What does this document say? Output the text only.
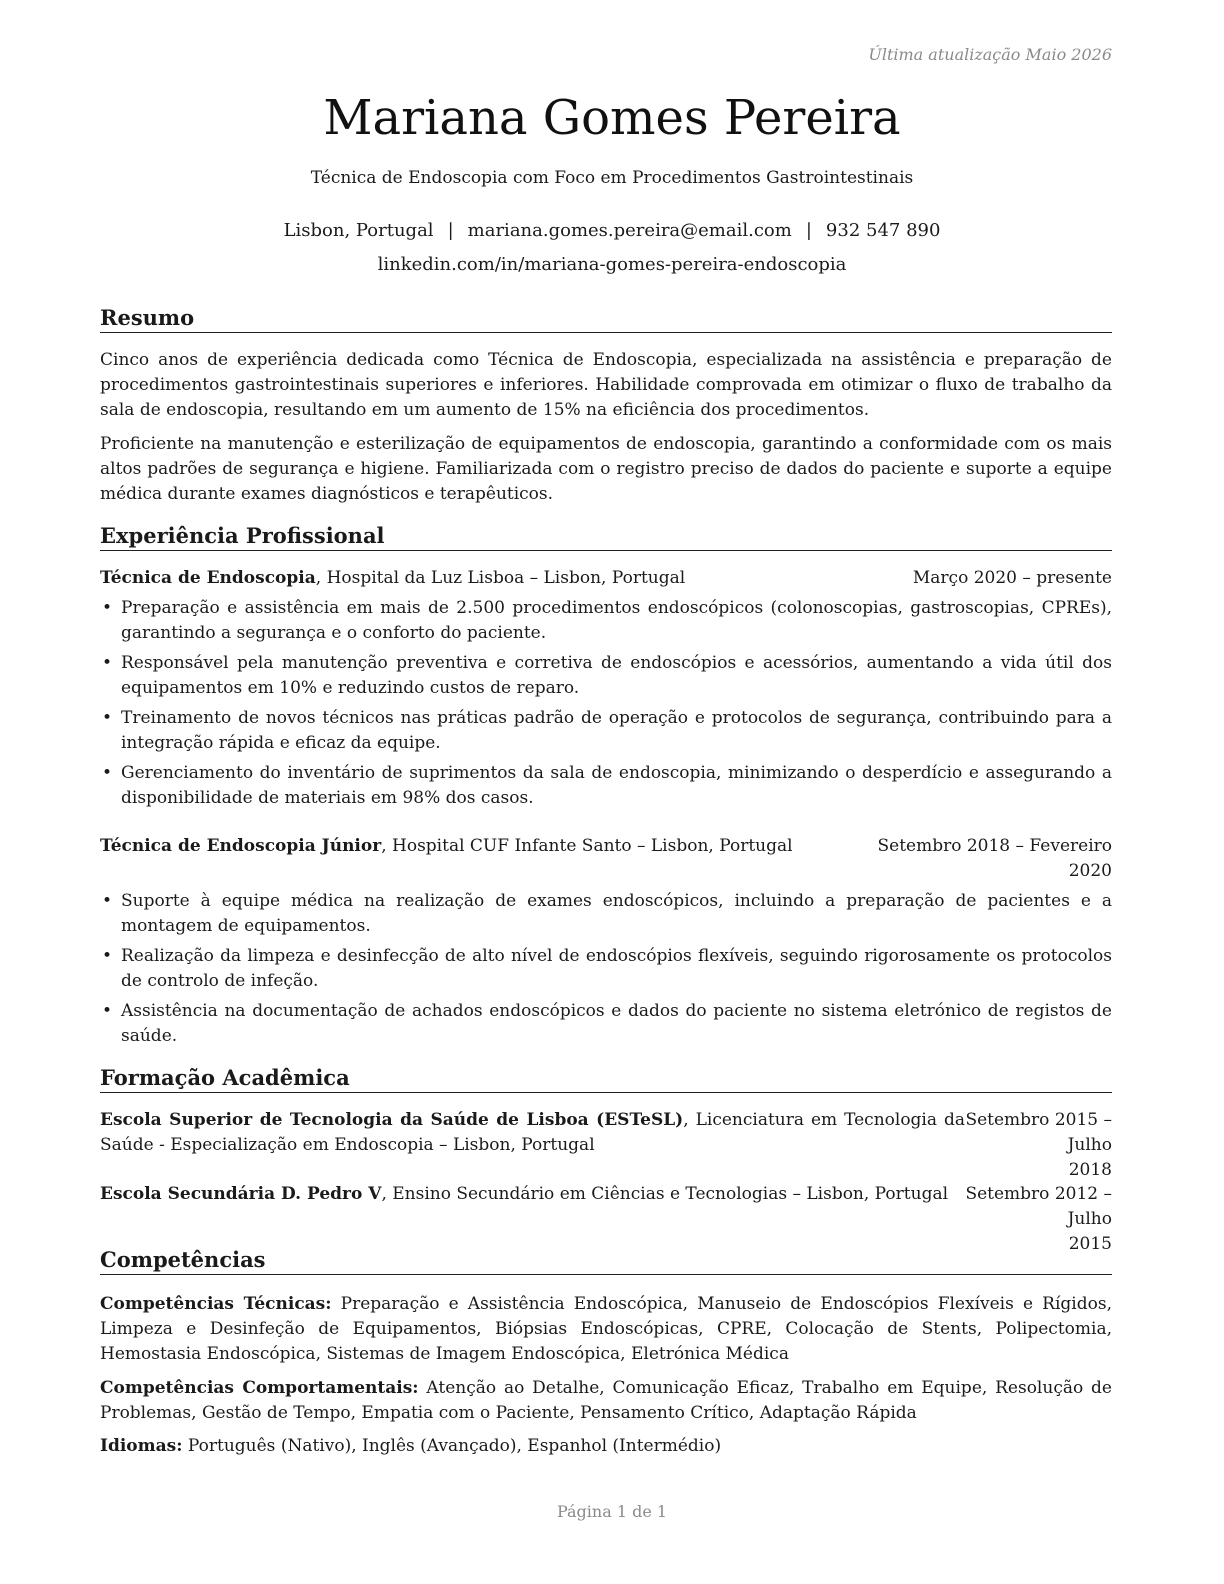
Última atualização Maio 2026
Mariana Gomes Pereira
Técnica de Endoscopia com Foco em Procedimentos Gastrointestinais
Lisbon, Portugal | mariana.gomes.pereira@email.com | 932 547 890
linkedin.com/in/mariana-gomes-pereira-endoscopia
Resumo
Cinco anos de experiência dedicada como Técnica de Endoscopia, especializada na assistência e preparação de procedimentos gastrointestinais superiores e inferiores. Habilidade comprovada em otimizar o fluxo de trabalho da sala de endoscopia, resultando em um aumento de 15% na eficiência dos procedimentos.
Proficiente na manutenção e esterilização de equipamentos de endoscopia, garantindo a conformidade com os mais altos padrões de segurança e higiene. Familiarizada com o registro preciso de dados do paciente e suporte a equipe médica durante exames diagnósticos e terapêuticos.
Experiência Profissional
Técnica de Endoscopia, Hospital da Luz Lisboa – Lisbon, Portugal	Março 2020 – presente
• Preparação e assistência em mais de 2.500 procedimentos endoscópicos (colonoscopias, gastroscopias, CPREs), garantindo a segurança e o conforto do paciente.
• Responsável pela manutenção preventiva e corretiva de endoscópios e acessórios, aumentando a vida útil dos equipamentos em 10% e reduzindo custos de reparo.
• Treinamento de novos técnicos nas práticas padrão de operação e protocolos de segurança, contribuindo para a integração rápida e eficaz da equipe.
• Gerenciamento do inventário de suprimentos da sala de endoscopia, minimizando o desperdício e assegurando a disponibilidade de materiais em 98% dos casos.
Técnica de Endoscopia Júnior, Hospital CUF Infante Santo – Lisbon, Portugal	Setembro 2018 – Fevereiro
2020
• Suporte à equipe médica na realização de exames endoscópicos, incluindo a preparação de pacientes e a montagem de equipamentos.
• Realização da limpeza e desinfecção de alto nível de endoscópios flexíveis, seguindo rigorosamente os protocolos de controlo de infeção.
• Assistência na documentação de achados endoscópicos e dados do paciente no sistema eletrónico de registos de saúde.
Formação Acadêmica
Escola Superior de Tecnologia da Saúde de Lisboa (ESTeSL), Licenciatura em Tecnologia da Saúde - Especialização em Endoscopia – Lisbon, Portugal
Setembro 2015 – Julho
2018
Escola Secundária D. Pedro V, Ensino Secundário em Ciências e Tecnologias – Lisbon, Portugal	Setembro 2012 – Julho
2015
Competências
Competências Técnicas: Preparação e Assistência Endoscópica, Manuseio de Endoscópios Flexíveis e Rígidos, Limpeza e Desinfeção de Equipamentos, Biópsias Endoscópicas, CPRE, Colocação de Stents, Polipectomia, Hemostasia Endoscópica, Sistemas de Imagem Endoscópica, Eletrónica Médica
Competências Comportamentais: Atenção ao Detalhe, Comunicação Eficaz, Trabalho em Equipe, Resolução de Problemas, Gestão de Tempo, Empatia com o Paciente, Pensamento Crítico, Adaptação Rápida
Idiomas: Português (Nativo), Inglês (Avançado), Espanhol (Intermédio)
Página 1 de 1
